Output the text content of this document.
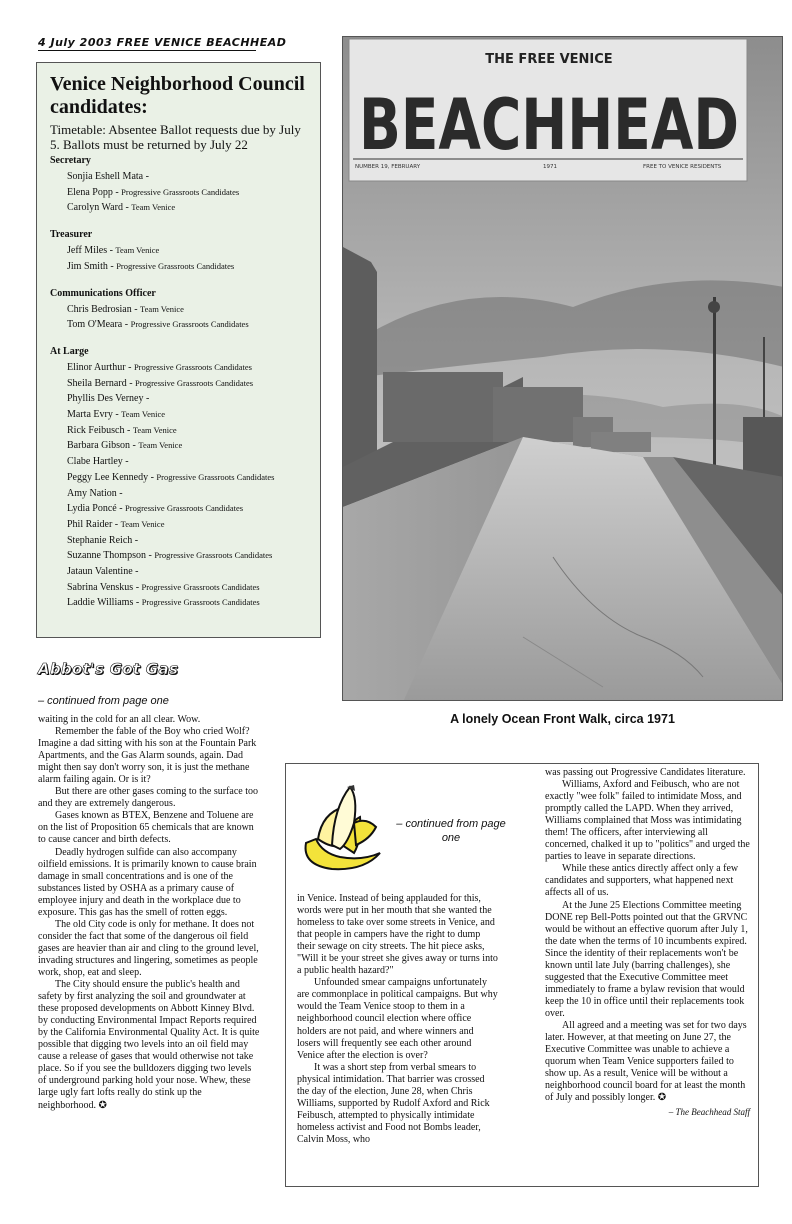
4 July 2003 FREE VENICE BEACHHEAD
Venice Neighborhood Council candidates:
Timetable: Absentee Ballot requests due by July 5. Ballots must be returned by July 22
Secretary
Sonjia Eshell Mata -
Elena Popp - Progressive Grassroots Candidates
Carolyn Ward - Team Venice
Treasurer
Jeff Miles - Team Venice
Jim Smith - Progressive Grassroots Candidates
Communications Officer
Chris Bedrosian - Team Venice
Tom O'Meara - Progressive Grassroots Candidates
At Large
Elinor Aurthur - Progressive Grassroots Candidates
Sheila Bernard - Progressive Grassroots Candidates
Phyllis Des Verney -
Marta Evry - Team Venice
Rick Feibusch - Team Venice
Barbara Gibson - Team Venice
Clabe Hartley -
Peggy Lee Kennedy - Progressive Grassroots Candidates
Amy Nation -
Lydia Poncé - Progressive Grassroots Candidates
Phil Raider - Team Venice
Stephanie Reich -
Suzanne Thompson - Progressive Grassroots Candidates
Jataun Valentine -
Sabrina Venskus - Progressive Grassroots Candidates
Laddie Williams - Progressive Grassroots Candidates
THE FREE VENICE
BEACHHEAD
NUMBER 19, FEBRUARY	1971	FREE TO VENICE RESIDENTS
A lonely Ocean Front Walk, circa 1971
Abbot's Got Gas
– continued from page one

waiting in the cold for an all clear. Wow.

Remember the fable of the Boy who cried Wolf? Imagine a dad sitting with his son at the Fountain Park Apartments, and the Gas Alarm sounds, again. Dad might then say don't worry son, it is just the methane alarm failing again. Or is it?

But there are other gases coming to the surface too and they are extremely dangerous.

Gases known as BTEX, Benzene and Toluene are on the list of Proposition 65 chemicals that are known to cause cancer and birth defects.

Deadly hydrogen sulfide can also accompany oilfield emissions. It is primarily known to cause brain damage in small concentrations and is one of the substances listed by OSHA as a primary cause of employee injury and death in the workplace due to exposure. This gas has the smell of rotten eggs.

The old City code is only for methane. It does not consider the fact that some of the dangerous oil field gases are heavier than air and cling to the ground level, invading structures and lingering, sometimes as people work, shop, eat and sleep.

The City should ensure the public's health and safety by first analyzing the soil and groundwater at these proposed developments on Abbott Kinney Blvd. by conducting Environmental Impact Reports required by the California Environmental Quality Act. It is quite possible that digging two levels into an oil field may cause a release of gases that would otherwise not take place. So if you see the bulldozers digging two levels of underground parking hold your nose. Whew, these large ugly fart lofts really do stink up the neighborhood. ✪

– continued from page one

in Venice. Instead of being applauded for this, words were put in her mouth that she wanted the homeless to take over some streets in Venice, and that people in campers have the right to dump their sewage on city streets. The hit piece asks, "Will it be your street she gives away or turns into a public health hazard?"

Unfounded smear campaigns unfortunately are commonplace in political campaigns. But why would the Team Venice stoop to them in a neighborhood council election where office holders are not paid, and where winners and losers will frequently see each other around Venice after the election is over?

It was a short step from verbal smears to physical intimidation. That barrier was crossed the day of the election, June 28, when Chris Williams, supported by Rudolf Axford and Rick Feibusch, attempted to physically intimidate homeless activist and Food not Bombs leader, Calvin Moss, who

was passing out Progressive Candidates literature.

Williams, Axford and Feibusch, who are not exactly "wee folk" failed to intimidate Moss, and promptly called the LAPD. When they arrived, Williams complained that Moss was intimidating them! The officers, after interviewing all concerned, chalked it up to "politics" and urged the parties to leave in separate directions.

While these antics directly affect only a few candidates and supporters, what happened next affects all of us.

At the June 25 Elections Committee meeting DONE rep Bell-Potts pointed out that the GRVNC would be without an effective quorum after July 1, the date when the terms of 10 incumbents expired. Since the identity of their replacements won't be known until late July (barring challenges), she suggested that the Executive Committee meet immediately to frame a bylaw revision that would keep the 10 in office until their replacements took over.

All agreed and a meeting was set for two days later. However, at that meeting on June 27, the Executive Committee was unable to achieve a quorum when Team Venice supporters failed to show up. As a result, Venice will be without a neighborhood council board for at least the month of July and possibly longer. ✪

– The Beachhead Staff
